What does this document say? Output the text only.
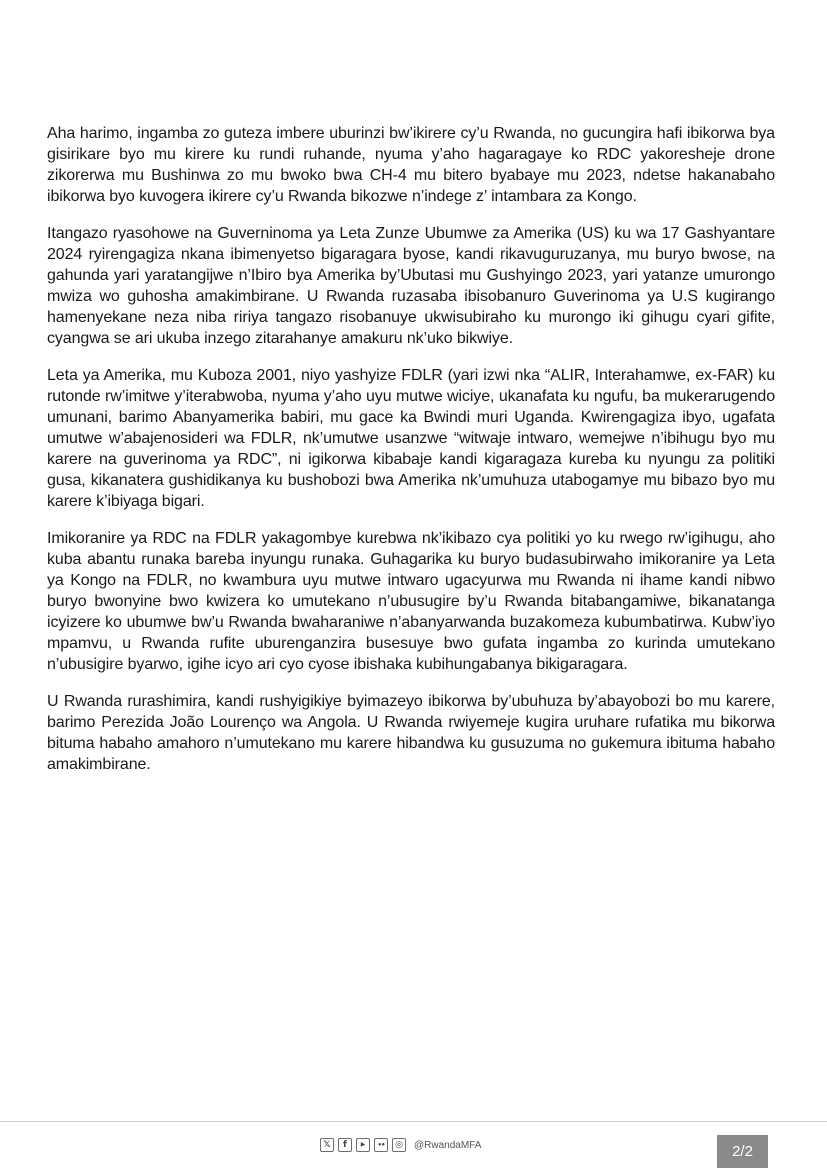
Aha harimo, ingamba zo guteza imbere uburinzi bw’ikirere cy’u Rwanda, no gucungira hafi ibikorwa bya gisirikare byo mu kirere ku rundi ruhande, nyuma y’aho hagaragaye ko RDC yakoresheje drone zikorerwa mu Bushinwa zo mu bwoko bwa CH-4 mu bitero byabaye mu 2023, ndetse hakanabaho ibikorwa byo kuvogera ikirere cy’u Rwanda bikozwe n’indege z’ intambara za Kongo.

Itangazo ryasohowe na Guverninoma ya Leta Zunze Ubumwe za Amerika (US) ku wa 17 Gashyantare 2024 ryirengagiza nkana ibimenyetso bigaragara byose, kandi rikavuguruzanya, mu buryo bwose, na gahunda yari yaratangijwe n’Ibiro bya Amerika by’Ubutasi mu Gushyingo 2023, yari yatanze umurongo mwiza wo guhosha amakimbirane. U Rwanda ruzasaba ibisobanuro Guverinoma ya U.S kugirango hamenyekane neza niba ririya tangazo risobanuye ukwisubiraho ku murongo iki gihugu cyari gifite, cyangwa se ari ukuba inzego zitarahanye amakuru nk’uko bikwiye.

Leta ya Amerika, mu Kuboza 2001, niyo yashyize FDLR (yari izwi nka “ALIR, Interahamwe, ex-FAR) ku rutonde rw’imitwe y’iterabwoba, nyuma y’aho uyu mutwe wiciye, ukanafata ku ngufu, ba mukerarugendo umunani, barimo Abanyamerika babiri, mu gace ka Bwindi muri Uganda. Kwirengagiza ibyo, ugafata umutwe w’abajenosideri wa FDLR, nk’umutwe usanzwe “witwaje intwaro, wemejwe n’ibihugu byo mu karere na guverinoma ya RDC”, ni igikorwa kibabaje kandi kigaragaza kureba ku nyungu za politiki gusa, kikanatera gushidikanya ku bushobozi bwa Amerika nk’umuhuza utabogamye mu bibazo byo mu karere k’ibiyaga bigari.

Imikoranire ya RDC na FDLR yakagombye kurebwa nk’ikibazo cya politiki yo ku rwego rw’igihugu, aho kuba abantu runaka bareba inyungu runaka. Guhagarika ku buryo budasubirwaho imikoranire ya Leta ya Kongo na FDLR, no kwambura uyu mutwe intwaro ugacyurwa mu Rwanda ni ihame kandi nibwo buryo bwonyine bwo kwizera ko umutekano n’ubusugire by’u Rwanda bitabangamiwe, bikanatanga icyizere ko ubumwe bw’u Rwanda bwaharaniwe n’abanyarwanda buzakomeza kubumbatirwa. Kubw’iyo mpamvu, u Rwanda rufite uburenganzira busesuye bwo gufata ingamba zo kurinda umutekano n’ubusigire byarwo, igihe icyo ari cyo cyose ibishaka kubihungabanya bikigaragara.

U Rwanda rurashimira, kandi rushyigikiye byimazeyo ibikorwa by’ubuhuza by’abayobozi bo mu karere, barimo Perezida João Lourenço wa Angola. U Rwanda rwiyemeje kugira uruhare rufatika mu bikorwa bituma habaho amahoro n’umutekano mu karere hibandwa ku gusuzuma no gukemura ibituma habaho amakimbirane.

𝕏	f	▶	••	◎	@RwandaMFA	2/2
